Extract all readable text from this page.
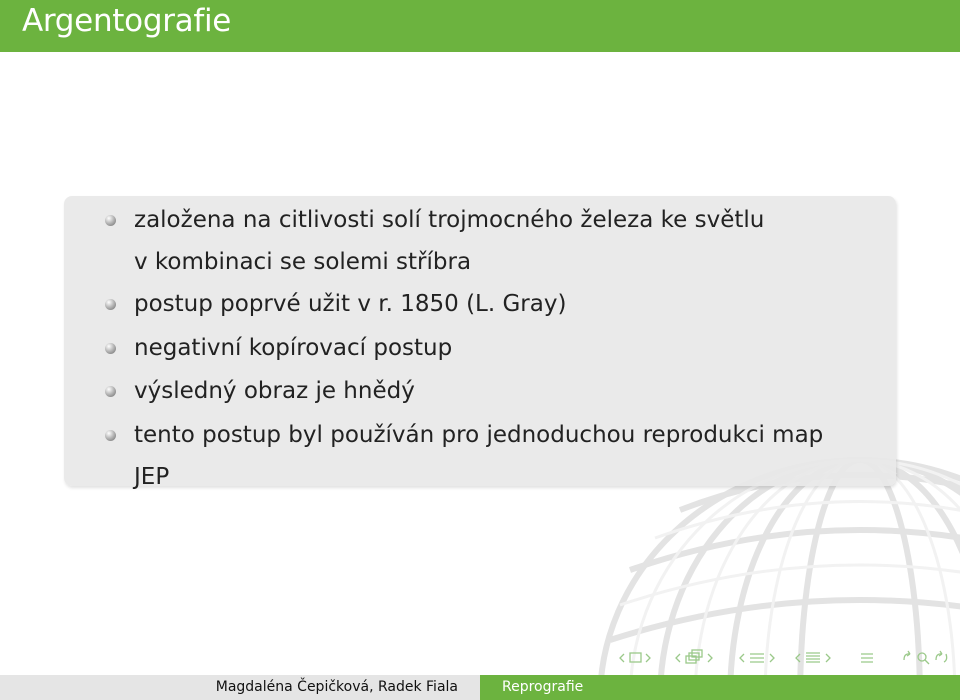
Argentografie
založena na citlivosti solí trojmocného železa ke světlu
v kombinaci se solemi stříbra
postup poprvé užit v r. 1850 (L. Gray)
negativní kopírovací postup
výsledný obraz je hnědý
tento postup byl používán pro jednoduchou reprodukci map
JEP
Magdaléna Čepičková, Radek Fiala	Reprografie
